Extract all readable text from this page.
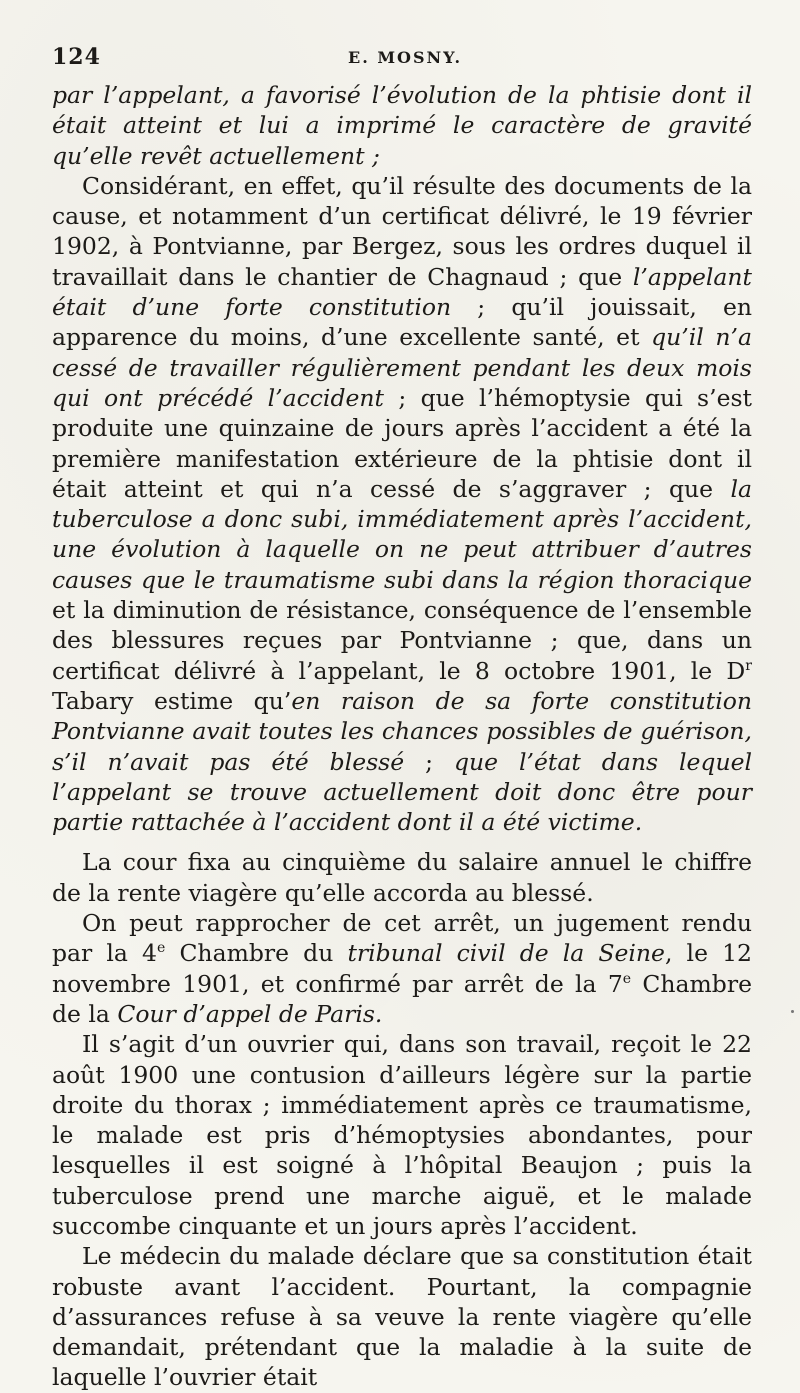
124	E. MOSNY.

par l’appelant, a favorisé l’évolution de la phtisie dont il était atteint et lui a imprimé le caractère de gravité qu’elle revêt actuellement ;

Considérant, en effet, qu’il résulte des documents de la cause, et notamment d’un certificat délivré, le 19 février 1902, à Pontvianne, par Bergez, sous les ordres duquel il travaillait dans le chantier de Chagnaud ; que l’appelant était d’une forte constitution ; qu’il jouissait, en apparence du moins, d’une excellente santé, et qu’il n’a cessé de travailler régulièrement pendant les deux mois qui ont précédé l’accident ; que l’hémoptysie qui s’est produite une quinzaine de jours après l’accident a été la première manifestation extérieure de la phtisie dont il était atteint et qui n’a cessé de s’aggraver ; que la tuberculose a donc subi, immédiatement après l’accident, une évolution à laquelle on ne peut attribuer d’autres causes que le traumatisme subi dans la région thoracique et la diminution de résistance, conséquence de l’ensemble des blessures reçues par Pontvianne ; que, dans un certificat délivré à l’appelant, le 8 octobre 1901, le $D^r$ Tabary estime qu’en raison de sa forte constitution Pontvianne avait toutes les chances possibles de guérison, s’il n’avait pas été blessé ; que l’état dans lequel l’appelant se trouve actuellement doit donc être pour partie rattachée à l’accident dont il a été victime.

La cour fixa au cinquième du salaire annuel le chiffre de la rente viagère qu’elle accorda au blessé.

On peut rapprocher de cet arrêt, un jugement rendu par la 4e Chambre du tribunal civil de la Seine, le 12 novembre 1901, et confirmé par arrêt de la 7e Chambre de la Cour d’appel de Paris.

Il s’agit d’un ouvrier qui, dans son travail, reçoit le 22 août 1900 une contusion d’ailleurs légère sur la partie droite du thorax ; immédiatement après ce traumatisme, le malade est pris d’hémoptysies abondantes, pour lesquelles il est soigné à l’hôpital Beaujon ; puis la tuberculose prend une marche aiguë, et le malade succombe cinquante et un jours après l’accident.

Le médecin du malade déclare que sa constitution était robuste avant l’accident. Pourtant, la compagnie d’assurances refuse à sa veuve la rente viagère qu’elle demandait, prétendant que la maladie à la suite de laquelle l’ouvrier était
